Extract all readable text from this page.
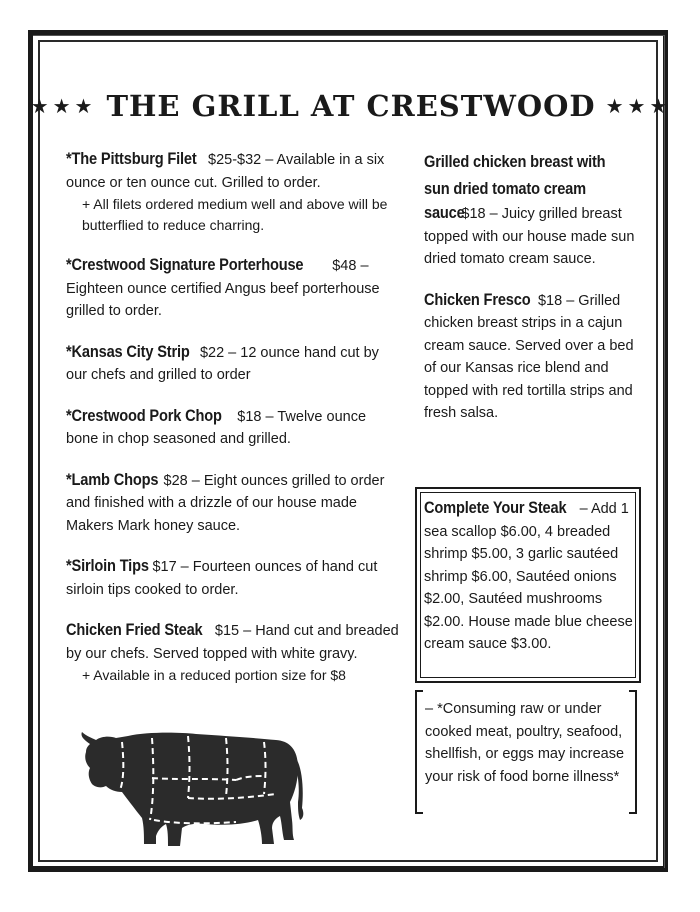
★★★ THE GRILL AT CRESTWOOD ★★★
*The Pittsburg Filet $25-$32 – Available in a six ounce or ten ounce cut. Grilled to order.
+ All filets ordered medium well and above will be butterflied to reduce charring.
*Crestwood Signature Porterhouse $48 – Eighteen ounce certified Angus beef porterhouse grilled to order.
*Kansas City Strip $22 – 12 ounce hand cut by our chefs and grilled to order
*Crestwood Pork Chop $18 – Twelve ounce bone in chop seasoned and grilled.
*Lamb Chops $28 – Eight ounces grilled to order and finished with a drizzle of our house made Makers Mark honey sauce.
*Sirloin Tips $17 – Fourteen ounces of hand cut sirloin tips cooked to order.
Chicken Fried Steak $15 – Hand cut and breaded by our chefs. Served topped with white gravy.
+ Available in a reduced portion size for $8
Grilled chicken breast with
sun dried tomato cream
sauce $18 – Juicy grilled breast topped with our house made sun dried tomato cream sauce.
Chicken Fresco $18 – Grilled chicken breast strips in a cajun cream sauce. Served over a bed of our Kansas rice blend and topped with red tortilla strips and fresh salsa.
Complete Your Steak – Add 1 sea scallop $6.00, 4 breaded shrimp $5.00, 3 garlic sautéed shrimp $6.00, Sautéed onions $2.00, Sautéed mushrooms $2.00. House made blue cheese cream sauce $3.00.
– *Consuming raw or under cooked meat, poultry, seafood, shellfish, or eggs may increase your risk of food borne illness*
